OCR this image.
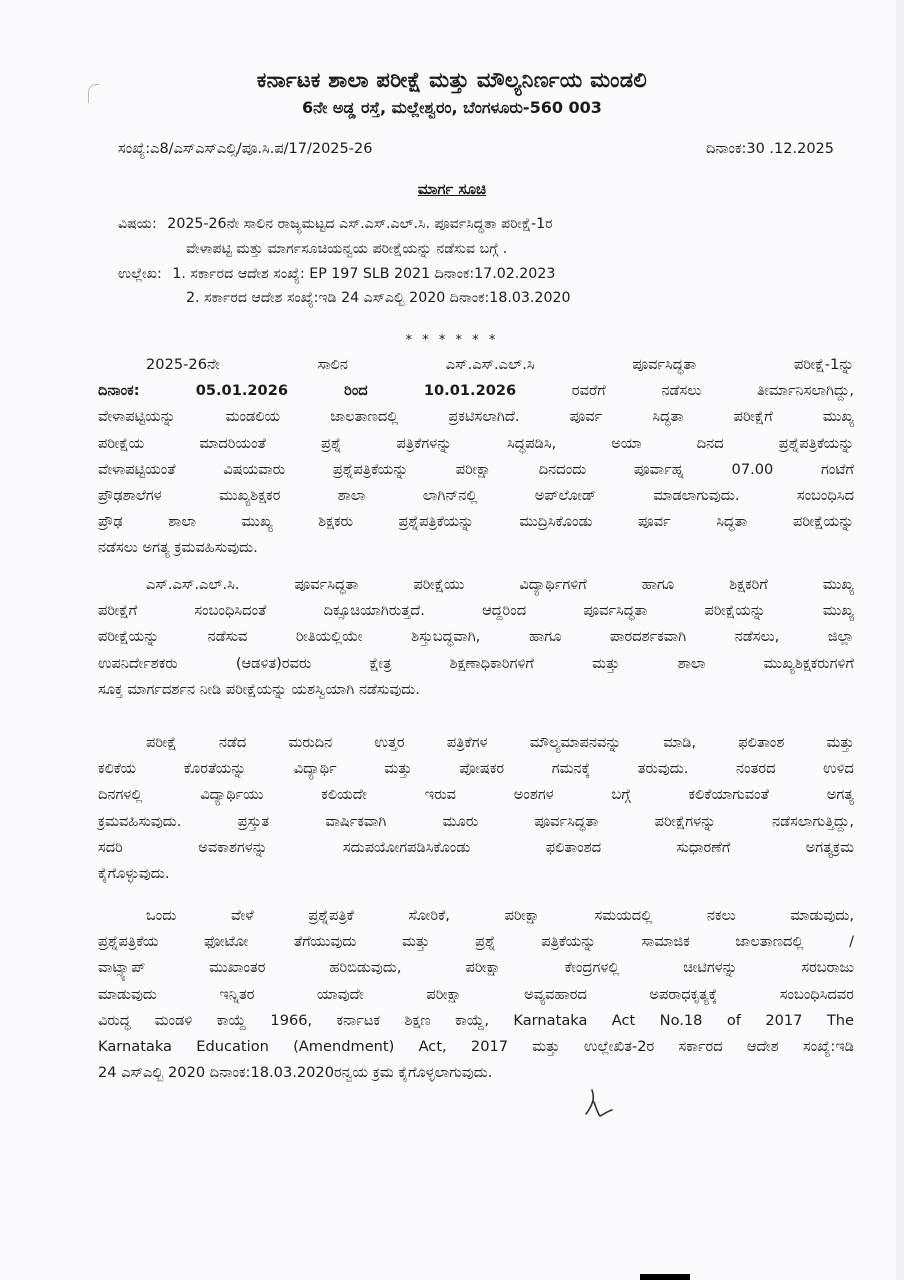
ಕರ್ನಾಟಕ ಶಾಲಾ ಪರೀಕ್ಷೆ ಮತ್ತು ಮೌಲ್ಯನಿರ್ಣಯ ಮಂಡಲಿ
6ನೇ ಅಡ್ಡ ರಸ್ತೆ, ಮಲ್ಲೇಶ್ವರಂ, ಬೆಂಗಳೂರು-560 003
ಸಂಖ್ಯೆ:ಎ8/ಎಸ್ಎಸ್ಎಲ್ಸಿ/ಪೂ.ಸಿ.ಪ/17/2025-26	ದಿನಾಂಕ:30 .12.2025
ಮಾರ್ಗ ಸೂಚಿ
ವಿಷಯ: 2025-26ನೇ ಸಾಲಿನ ರಾಜ್ಯಮಟ್ಟದ ಎಸ್.ಎಸ್.ಎಲ್.ಸಿ. ಪೂರ್ವಸಿದ್ಧತಾ ಪರೀಕ್ಷೆ-1ರ
ವೇಳಾಪಟ್ಟಿ ಮತ್ತು ಮಾರ್ಗಸೂಚಿಯನ್ವಯ ಪರೀಕ್ಷೆಯನ್ನು ನಡೆಸುವ ಬಗ್ಗೆ .
ಉಲ್ಲೇಖ: 1. ಸರ್ಕಾರದ ಆದೇಶ ಸಂಖ್ಯೆ: EP 197 SLB 2021 ದಿನಾಂಕ:17.02.2023
2. ಸರ್ಕಾರದ ಆದೇಶ ಸಂಖ್ಯೆ:ಇಡಿ 24 ಎಸ್ಎಲ್ಬಿ 2020 ದಿನಾಂಕ:18.03.2020
* * * * * *
2025-26ನೇ ಸಾಲಿನ ಎಸ್.ಎಸ್.ಎಲ್.ಸಿ ಪೂರ್ವಸಿದ್ಧತಾ ಪರೀಕ್ಷೆ-1ನ್ನು
ದಿನಾಂಕ: 05.01.2026 ರಿಂದ 10.01.2026 ರವರೆಗೆ ನಡೆಸಲು ತೀರ್ಮಾನಿಸಲಾಗಿದ್ದು,
ವೇಳಾಪಟ್ಟಿಯನ್ನು ಮಂಡಲಿಯ ಜಾಲತಾಣದಲ್ಲಿ ಪ್ರಕಟಿಸಲಾಗಿದೆ. ಪೂರ್ವ ಸಿದ್ಧತಾ ಪರೀಕ್ಷೆಗೆ ಮುಖ್ಯ
ಪರೀಕ್ಷೆಯ ಮಾದರಿಯಂತೆ ಪ್ರಶ್ನೆ ಪತ್ರಿಕೆಗಳನ್ನು ಸಿದ್ಧಪಡಿಸಿ, ಅಯಾ ದಿನದ ಪ್ರಶ್ನೆಪತ್ರಿಕೆಯನ್ನು
ವೇಳಾಪಟ್ಟಿಯಂತೆ ವಿಷಯವಾರು ಪ್ರಶ್ನೆಪತ್ರಿಕೆಯನ್ನು ಪರೀಕ್ಷಾ ದಿನದಂದು ಪೂರ್ವಾಹ್ನ 07.00 ಗಂಟೆಗೆ
ಪ್ರೌಢಶಾಲೆಗಳ ಮುಖ್ಯಶಿಕ್ಷಕರ ಶಾಲಾ ಲಾಗಿನ್‌ನಲ್ಲಿ ಅಪ್‌ಲೋಡ್ ಮಾಡಲಾಗುವುದು. ಸಂಬಂಧಿಸಿದ
ಪ್ರೌಢ ಶಾಲಾ ಮುಖ್ಯ ಶಿಕ್ಷಕರು ಪ್ರಶ್ನೆಪತ್ರಿಕೆಯನ್ನು ಮುದ್ರಿಸಿಕೊಂಡು ಪೂರ್ವ ಸಿದ್ಧತಾ ಪರೀಕ್ಷೆಯನ್ನು
ನಡೆಸಲು ಅಗತ್ಯ ಕ್ರಮವಹಿಸುವುದು.
ಎಸ್.ಎಸ್.ಎಲ್.ಸಿ. ಪೂರ್ವಸಿದ್ಧತಾ ಪರೀಕ್ಷೆಯು ವಿದ್ಯಾರ್ಥಿಗಳಿಗೆ ಹಾಗೂ ಶಿಕ್ಷಕರಿಗೆ ಮುಖ್ಯ
ಪರೀಕ್ಷೆಗೆ ಸಂಬಂಧಿಸಿದಂತೆ ದಿಕ್ಸೂಚಿಯಾಗಿರುತ್ತದೆ. ಆದ್ದರಿಂದ ಪೂರ್ವಸಿದ್ಧತಾ ಪರೀಕ್ಷೆಯನ್ನು ಮುಖ್ಯ
ಪರೀಕ್ಷೆಯನ್ನು ನಡೆಸುವ ರೀತಿಯಲ್ಲಿಯೇ ಶಿಸ್ತುಬದ್ಧವಾಗಿ, ಹಾಗೂ ಪಾರದರ್ಶಕವಾಗಿ ನಡೆಸಲು, ಜಿಲ್ಲಾ
ಉಪನಿರ್ದೇಶಕರು (ಆಡಳಿತ)ರವರು ಕ್ಷೇತ್ರ ಶಿಕ್ಷಣಾಧಿಕಾರಿಗಳಿಗೆ ಮತ್ತು ಶಾಲಾ ಮುಖ್ಯಶಿಕ್ಷಕರುಗಳಿಗೆ
ಸೂಕ್ತ ಮಾರ್ಗದರ್ಶನ ನೀಡಿ ಪರೀಕ್ಷೆಯನ್ನು ಯಶಸ್ವಿಯಾಗಿ ನಡೆಸುವುದು.
ಪರೀಕ್ಷೆ ನಡೆದ ಮರುದಿನ ಉತ್ತರ ಪತ್ರಿಕೆಗಳ ಮೌಲ್ಯಮಾಪನವನ್ನು ಮಾಡಿ, ಫಲಿತಾಂಶ ಮತ್ತು
ಕಲಿಕೆಯ ಕೊರತೆಯನ್ನು ವಿದ್ಯಾರ್ಥಿ ಮತ್ತು ಪೋಷಕರ ಗಮನಕ್ಕೆ ತರುವುದು. ನಂತರದ ಉಳಿದ
ದಿನಗಳಲ್ಲಿ ವಿದ್ಯಾರ್ಥಿಯು ಕಲಿಯದೇ ಇರುವ ಅಂಶಗಳ ಬಗ್ಗೆ ಕಲಿಕೆಯಾಗುವಂತೆ ಅಗತ್ಯ
ಕ್ರಮವಹಿಸುವುದು. ಪ್ರಸ್ತುತ ವಾರ್ಷಿಕವಾಗಿ ಮೂರು ಪೂರ್ವಸಿದ್ಧತಾ ಪರೀಕ್ಷೆಗಳನ್ನು ನಡೆಸಲಾಗುತ್ತಿದ್ದು,
ಸದರಿ ಅವಕಾಶಗಳನ್ನು ಸದುಪಯೋಗಪಡಿಸಿಕೊಂಡು ಫಲಿತಾಂಶದ ಸುಧಾರಣೆಗೆ ಅಗತ್ಯಕ್ರಮ
ಕೈಗೊಳ್ಳುವುದು.
ಒಂದು ವೇಳೆ ಪ್ರಶ್ನೆಪತ್ರಿಕೆ ಸೋರಿಕೆ, ಪರೀಕ್ಷಾ ಸಮಯದಲ್ಲಿ ನಕಲು ಮಾಡುವುದು,
ಪ್ರಶ್ನೆಪತ್ರಿಕೆಯ ಫೋಟೋ ತೆಗೆಯುವುದು ಮತ್ತು ಪ್ರಶ್ನೆ ಪತ್ರಿಕೆಯನ್ನು ಸಾಮಾಜಿಕ ಜಾಲತಾಣದಲ್ಲಿ /
ವಾಟ್ಸ್ಯಾಪ್ ಮುಖಾಂತರ ಹರಿಬಿಡುವುದು, ಪರೀಕ್ಷಾ ಕೇಂದ್ರಗಳಲ್ಲಿ ಚೀಟಿಗಳನ್ನು ಸರಬರಾಜು
ಮಾಡುವುದು ಇನ್ನಿತರ ಯಾವುದೇ ಪರೀಕ್ಷಾ ಅವ್ಯವಹಾರದ ಅಪರಾಧಕೃತ್ಯಕ್ಕೆ ಸಂಬಂಧಿಸಿದವರ
ವಿರುದ್ಧ ಮಂಡಳಿ ಕಾಯ್ದೆ 1966, ಕರ್ನಾಟಕ ಶಿಕ್ಷಣ ಕಾಯ್ದೆ, Karnataka Act No.18 of 2017 The
Karnataka Education (Amendment) Act, 2017 ಮತ್ತು ಉಲ್ಲೇಖಿತ-2ರ ಸರ್ಕಾರದ ಆದೇಶ ಸಂಖ್ಯೆ:ಇಡಿ
24 ಎಸ್ಎಲ್ಬಿ 2020 ದಿನಾಂಕ:18.03.2020ರನ್ವಯ ಕ್ರಮ ಕೈಗೊಳ್ಳಲಾಗುವುದು.
